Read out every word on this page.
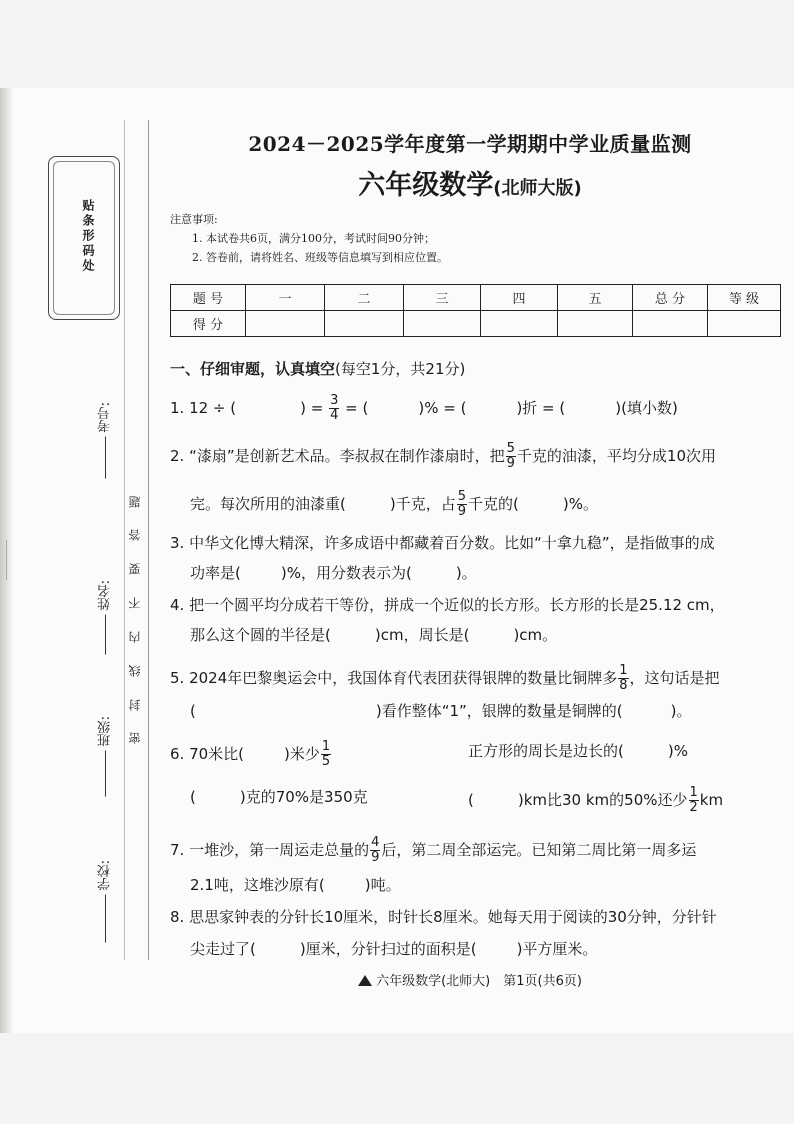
贴条形码处
考号:
姓名:
班级:
学校:
密 封 线 内 不 要 答 题
2024－2025学年度第一学期期中学业质量监测
六年级数学(北师大版)
注意事项:
1. 本试卷共6页，满分100分，考试时间90分钟；
2. 答卷前，请将姓名、班级等信息填写到相应位置。
题 号	一	二	三	四	五	总 分	等 级
得 分							
一、仔细审题，认真填空(每空1分，共21分)
1. 12 ÷ (	) = $\frac{3}{4}$ = (	)% = (	)折 = (	)(填小数)
2. “漆扇”是创新艺术品。李叔叔在制作漆扇时，把 $\frac{5}{9}$ 千克的油漆，平均分成10次用
完。每次所用的油漆重(	)千克，占 $\frac{5}{9}$ 千克的(	)%。
3. 中华文化博大精深，许多成语中都藏着百分数。比如“十拿九稳”，是指做事的成
功率是(	)%，用分数表示为(	)。
4. 把一个圆平均分成若干等份，拼成一个近似的长方形。长方形的长是25.12 cm，
那么这个圆的半径是(	)cm，周长是(	)cm。
5. 2024年巴黎奥运会中，我国体育代表团获得银牌的数量比铜牌多 $\frac{1}{8}$ ，这句话是把
(	)看作整体“1”，银牌的数量是铜牌的(	)。
6. 70米比(	)米少 $\frac{1}{5}$	正方形的周长是边长的(	)%
(	)克的70%是350克	(	)km比30 km的50%还少 $\frac{1}{2}$ km
7. 一堆沙，第一周运走总量的 $\frac{4}{9}$ 后，第二周全部运完。已知第二周比第一周多运
2.1吨，这堆沙原有(	)吨。
8. 思思家钟表的分针长10厘米，时针长8厘米。她每天用于阅读的30分钟，分针针
尖走过了(	)厘米，分针扫过的面积是(	)平方厘米。
六年级数学(北师大)　第1页(共6页)
